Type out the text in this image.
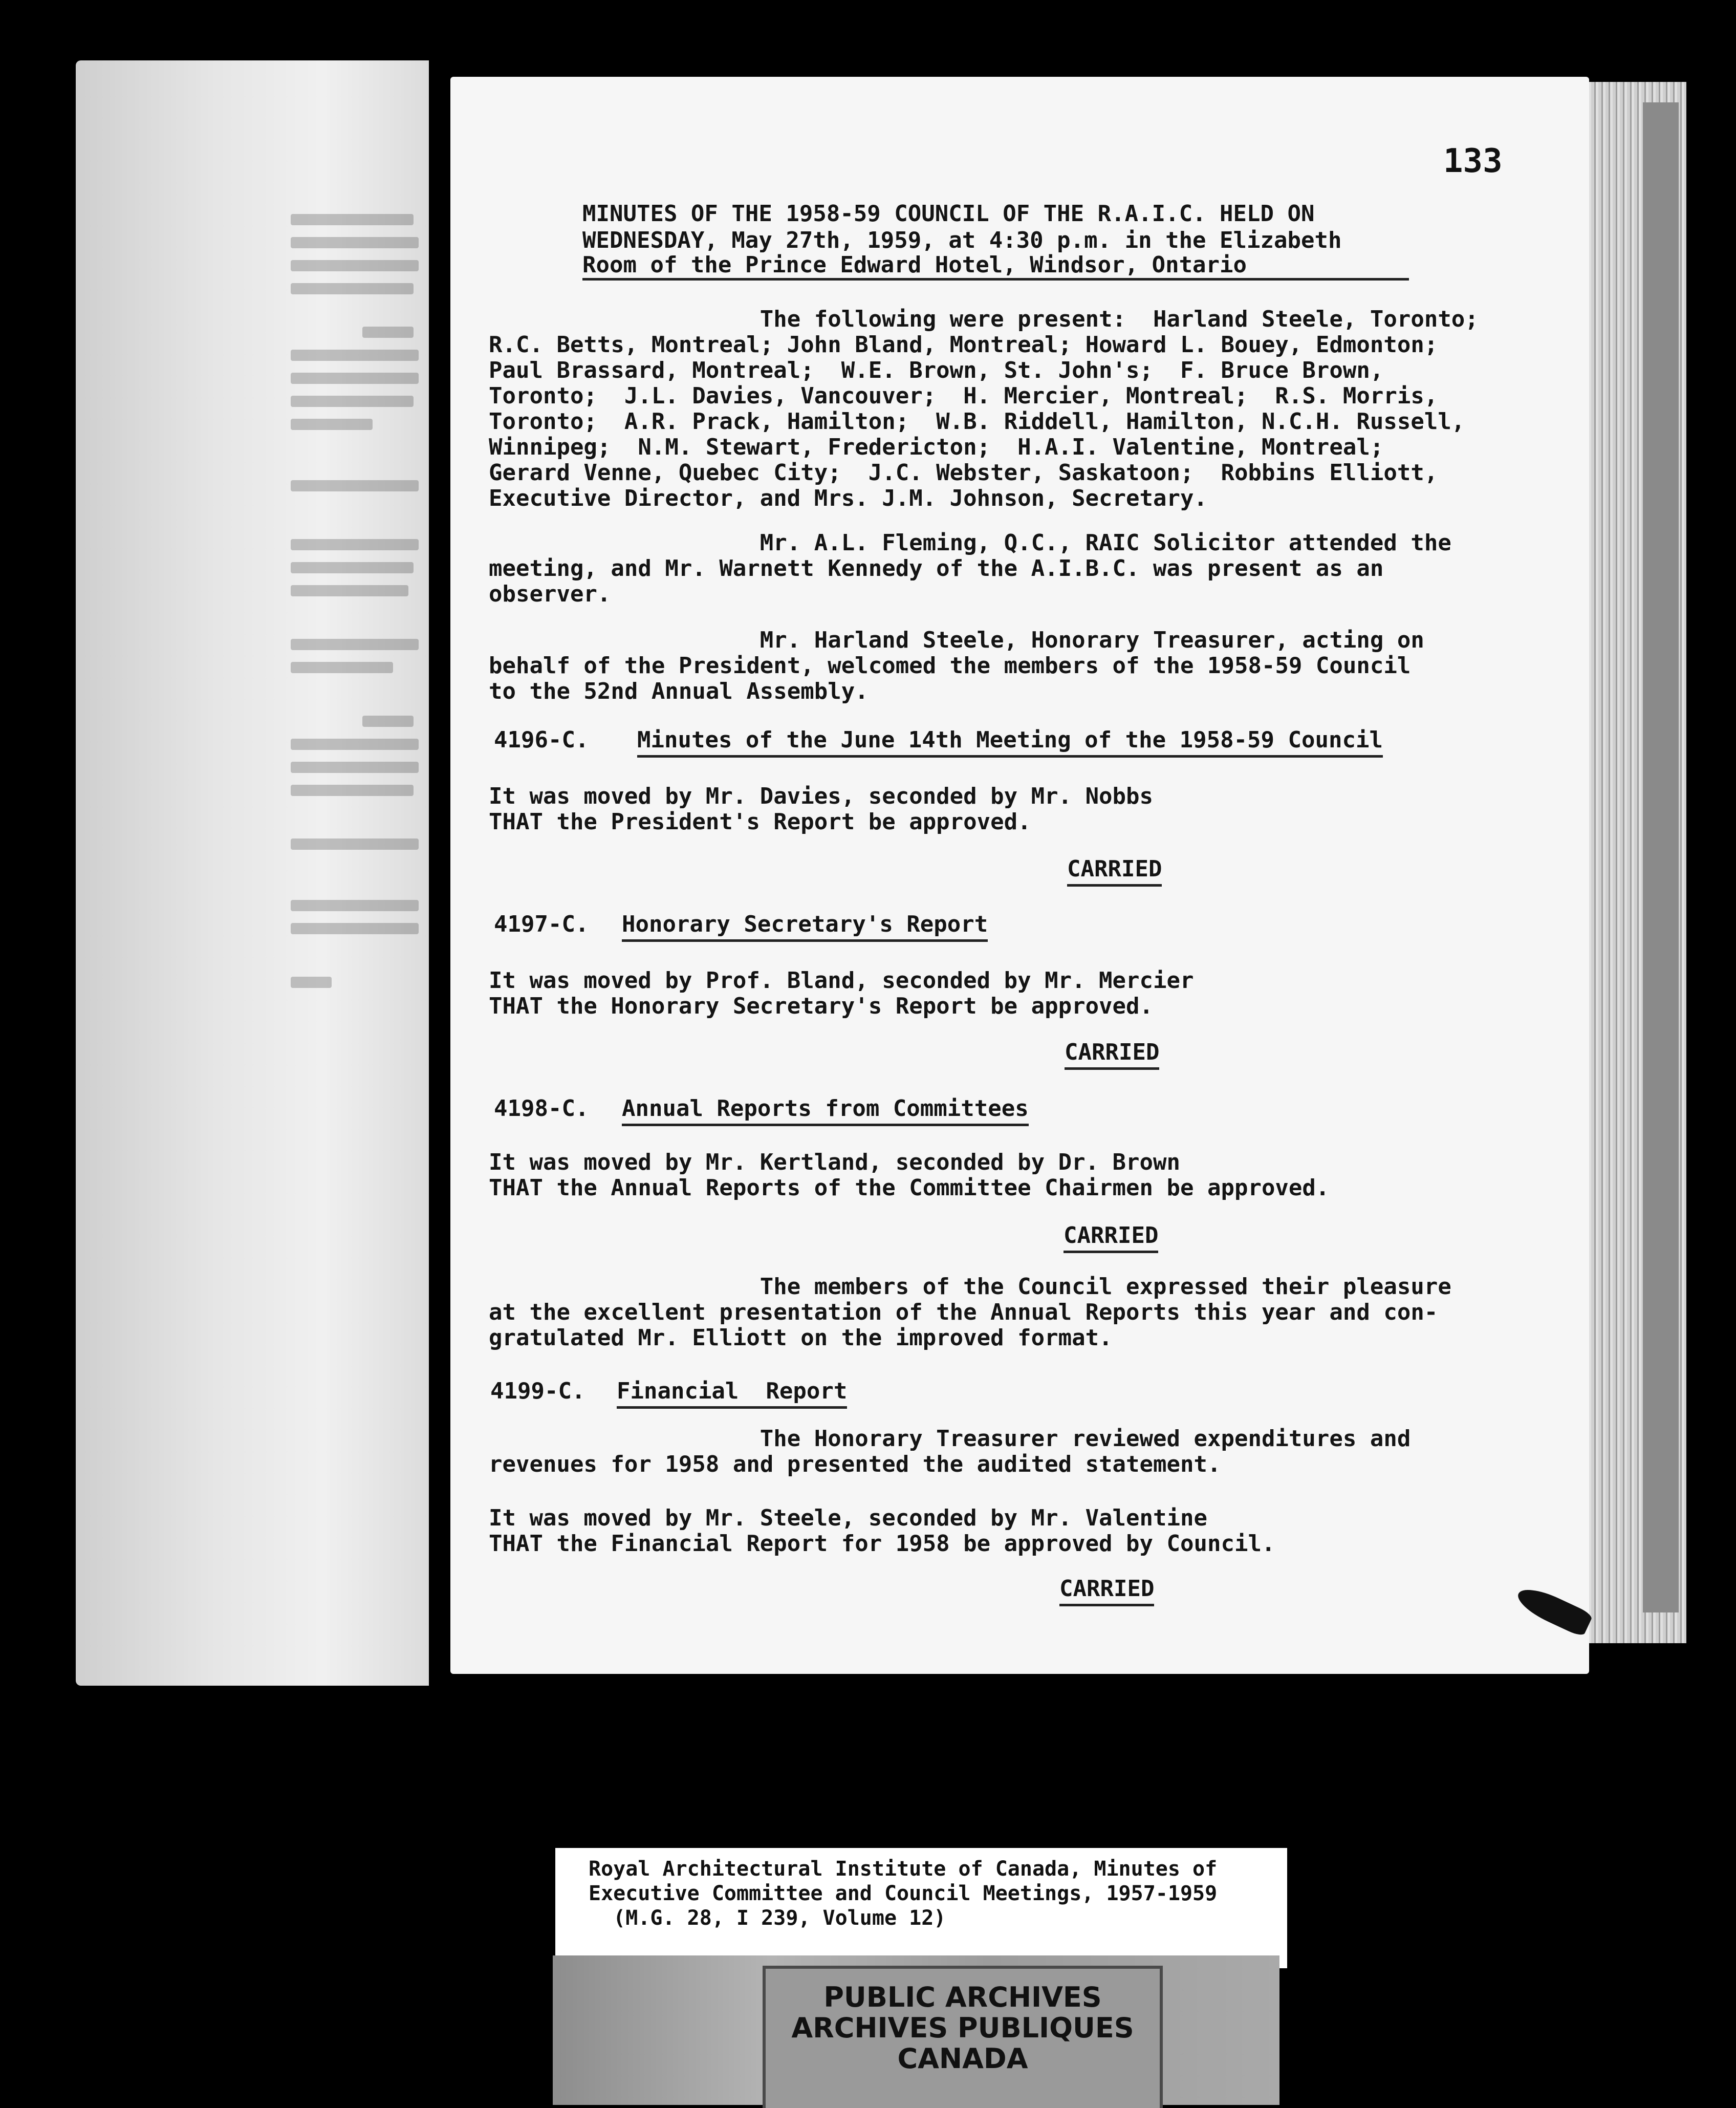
133
MINUTES OF THE 1958-59 COUNCIL OF THE R.A.I.C. HELD ON
WEDNESDAY, May 27th, 1959, at 4:30 p.m. in the Elizabeth
Room of the Prince Edward Hotel, Windsor, Ontario
The following were present:  Harland Steele, Toronto;
R.C. Betts, Montreal; John Bland, Montreal; Howard L. Bouey, Edmonton;
Paul Brassard, Montreal;  W.E. Brown, St. John's;  F. Bruce Brown,
Toronto;  J.L. Davies, Vancouver;  H. Mercier, Montreal;  R.S. Morris,
Toronto;  A.R. Prack, Hamilton;  W.B. Riddell, Hamilton, N.C.H. Russell,
Winnipeg;  N.M. Stewart, Fredericton;  H.A.I. Valentine, Montreal;
Gerard Venne, Quebec City;  J.C. Webster, Saskatoon;  Robbins Elliott,
Executive Director, and Mrs. J.M. Johnson, Secretary.
Mr. A.L. Fleming, Q.C., RAIC Solicitor attended the
meeting, and Mr. Warnett Kennedy of the A.I.B.C. was present as an
observer.
Mr. Harland Steele, Honorary Treasurer, acting on
behalf of the President, welcomed the members of the 1958-59 Council
to the 52nd Annual Assembly.
4196-C. Minutes of the June 14th Meeting of the 1958-59 Council
It was moved by Mr. Davies, seconded by Mr. Nobbs
THAT the President's Report be approved.
CARRIED
4197-C. Honorary Secretary's Report
It was moved by Prof. Bland, seconded by Mr. Mercier
THAT the Honorary Secretary's Report be approved.
CARRIED
4198-C. Annual Reports from Committees
It was moved by Mr. Kertland, seconded by Dr. Brown
THAT the Annual Reports of the Committee Chairmen be approved.
CARRIED
The members of the Council expressed their pleasure
at the excellent presentation of the Annual Reports this year and con-
gratulated Mr. Elliott on the improved format.
4199-C. Financial  Report
The Honorary Treasurer reviewed expenditures and
revenues for 1958 and presented the audited statement.
It was moved by Mr. Steele, seconded by Mr. Valentine
THAT the Financial Report for 1958 be approved by Council.
CARRIED
Royal Architectural Institute of Canada, Minutes of
Executive Committee and Council Meetings, 1957-1959
(M.G. 28, I 239, Volume 12)
PUBLIC ARCHIVES
ARCHIVES PUBLIQUES
CANADA
